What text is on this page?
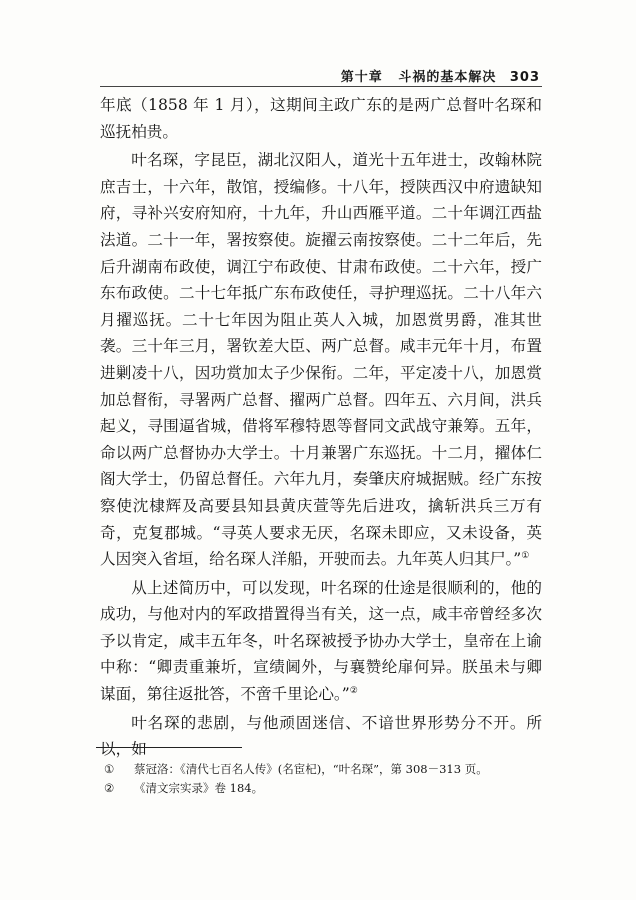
第十章 斗祸的基本解决 303

年底（1858 年 1 月），这期间主政广东的是两广总督叶名琛和巡抚柏贵。

叶名琛，字昆臣，湖北汉阳人，道光十五年进士，改翰林院庶吉士，十六年，散馆，授编修。十八年，授陕西汉中府遗缺知府，寻补兴安府知府，十九年，升山西雁平道。二十年调江西盐法道。二十一年，署按察使。旋擢云南按察使。二十二年后，先后升湖南布政使，调江宁布政使、甘肃布政使。二十六年，授广东布政使。二十七年抵广东布政使任，寻护理巡抚。二十八年六月擢巡抚。二十七年因为阻止英人入城，加恩赏男爵，准其世袭。三十年三月，署钦差大臣、两广总督。咸丰元年十月，布置进剿凌十八，因功赏加太子少保衔。二年，平定凌十八，加恩赏加总督衔，寻署两广总督、擢两广总督。四年五、六月间，洪兵起义，寻围逼省城，借将军穆特恩等督同文武战守兼筹。五年，命以两广总督协办大学士。十月兼署广东巡抚。十二月，擢体仁阁大学士，仍留总督任。六年九月，奏肇庆府城据贼。经广东按察使沈棣辉及高要县知县黄庆萱等先后进攻，擒斩洪兵三万有奇，克复郡城。“寻英人要求无厌，名琛未即应，又未设备，英人因突入省垣，给名琛人洋船，开驶而去。九年英人归其尸。”①

从上述简历中，可以发现，叶名琛的仕途是很顺利的，他的成功，与他对内的军政措置得当有关，这一点，咸丰帝曾经多次予以肯定，咸丰五年冬，叶名琛被授予协办大学士，皇帝在上谕中称：“卿责重兼圻，宣绩阃外，与襄赞纶扉何异。朕虽未与卿谋面，第往返批答，不啻千里论心。”②

叶名琛的悲剧，与他顽固迷信、不谙世界形势分不开。所以，如

①	蔡冠洛：《清代七百名人传》(名宦杞)，“叶名琛”，第 308－313 页。
②	《清文宗实录》卷 184。
